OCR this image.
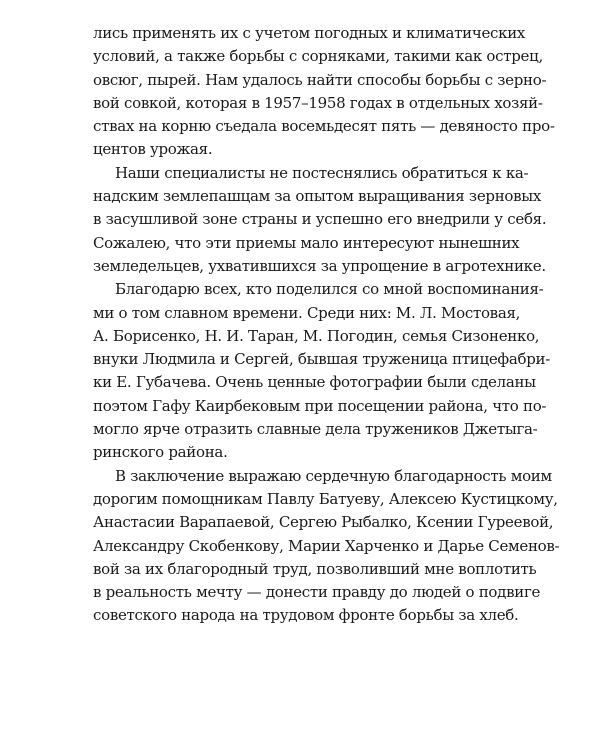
лись применять их с учетом погодных и климатических
условий, а также борьбы с сорняками, такими как острец,
овсюг, пырей. Нам удалось найти способы борьбы с зерно-
вой совкой, которая в 1957–1958 годах в отдельных хозяй-
ствах на корню съедала восемьдесят пять — девяносто про-
центов урожая.
Наши специалисты не постеснялись обратиться к ка-
надским землепашцам за опытом выращивания зерновых
в засушливой зоне страны и успешно его внедрили у себя.
Сожалею, что эти приемы мало интересуют нынешних
земледельцев, ухватившихся за упрощение в агротехнике.
Благодарю всех, кто поделился со мной воспоминания-
ми о том славном времени. Среди них: М. Л. Мостовая,
А. Борисенко, Н. И. Таран, М. Погодин, семья Сизоненко,
внуки Людмила и Сергей, бывшая труженица птицефабри-
ки Е. Губачева. Очень ценные фотографии были сделаны
поэтом Гафу Каирбековым при посещении района, что по-
могло ярче отразить славные дела тружеников Джетыга-
ринского района.
В заключение выражаю сердечную благодарность моим
дорогим помощникам Павлу Батуеву, Алексею Кустицкому,
Анастасии Варапаевой, Сергею Рыбалко, Ксении Гуреевой,
Александру Скобенкову, Марии Харченко и Дарье Семенов-
вой за их благородный труд, позволивший мне воплотить
в реальность мечту — донести правду до людей о подвиге
советского народа на трудовом фронте борьбы за хлеб.
